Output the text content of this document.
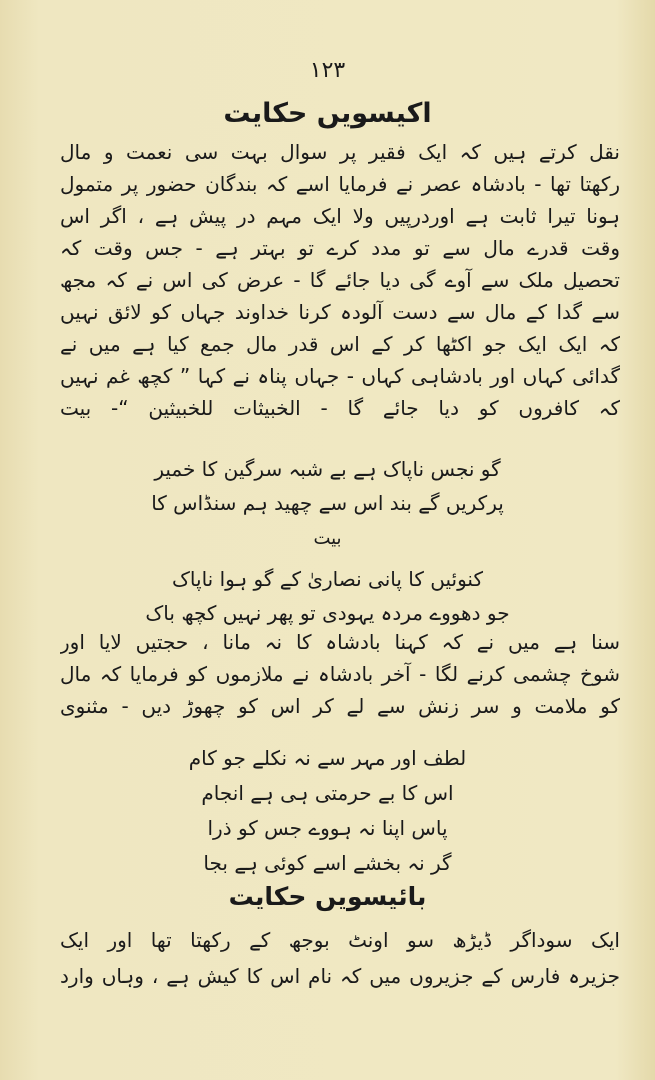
۱۲۳
اکیسویں حکایت
نقل کرتے ہیں کہ ایک فقیر پر سوال بہت سی نعمت و مال
رکھتا تھا - بادشاہ عصر نے فرمایا اسے کہ بندگان حضور پر متمول
ہونا تیرا ثابت ہے اوردرپیں ولا ایک مہم در پیش ہے ، اگر اس
وقت قدرے مال سے تو مدد کرے تو بہتر ہے - جس وقت کہ
تحصیل ملک سے آوے گی دیا جائے گا - عرض کی اس نے کہ مجھ
سے گدا کے مال سے دست آلودہ کرنا خداوند جہاں کو لائق نہیں
کہ ایک ایک جو اکٹھا کر کے اس قدر مال جمع کیا ہے میں نے
گدائی کہاں اور بادشاہی کہاں - جہاں پناہ نے کہا ” کچھ غم نہیں
کہ کافروں کو دیا جائے گا - الخبیثات للخبیثین “- بیت
گو نجس ناپاک ہے بے شبہ سرگین کا خمیر
پرکریں گے بند اس سے چھید ہم سنڈاس کا
بیت
کنوئیں کا پانی نصاریٰ کے گو ہوا ناپاک
جو دھووے مردہ یہودی تو پھر نہیں کچھ باک
سنا ہے میں نے کہ کہنا بادشاہ کا نہ مانا ، حجتیں لایا اور
شوخ چشمی کرنے لگا - آخر بادشاہ نے ملازموں کو فرمایا کہ مال
کو ملامت و سر زنش سے لے کر اس کو چھوڑ دیں - مثنوی
لطف اور مہر سے نہ نکلے جو کام
اس کا بے حرمتی ہی ہے انجام
پاس اپنا نہ ہووے جس کو ذرا
گر نہ بخشے اسے کوئی ہے بجا
بائیسویں حکایت
ایک سوداگر ڈیڑھ سو اونٹ بوجھ کے رکھتا تھا اور ایک
جزیرہ فارس کے جزیروں میں کہ نام اس کا کیش ہے ، وہاں وارد
